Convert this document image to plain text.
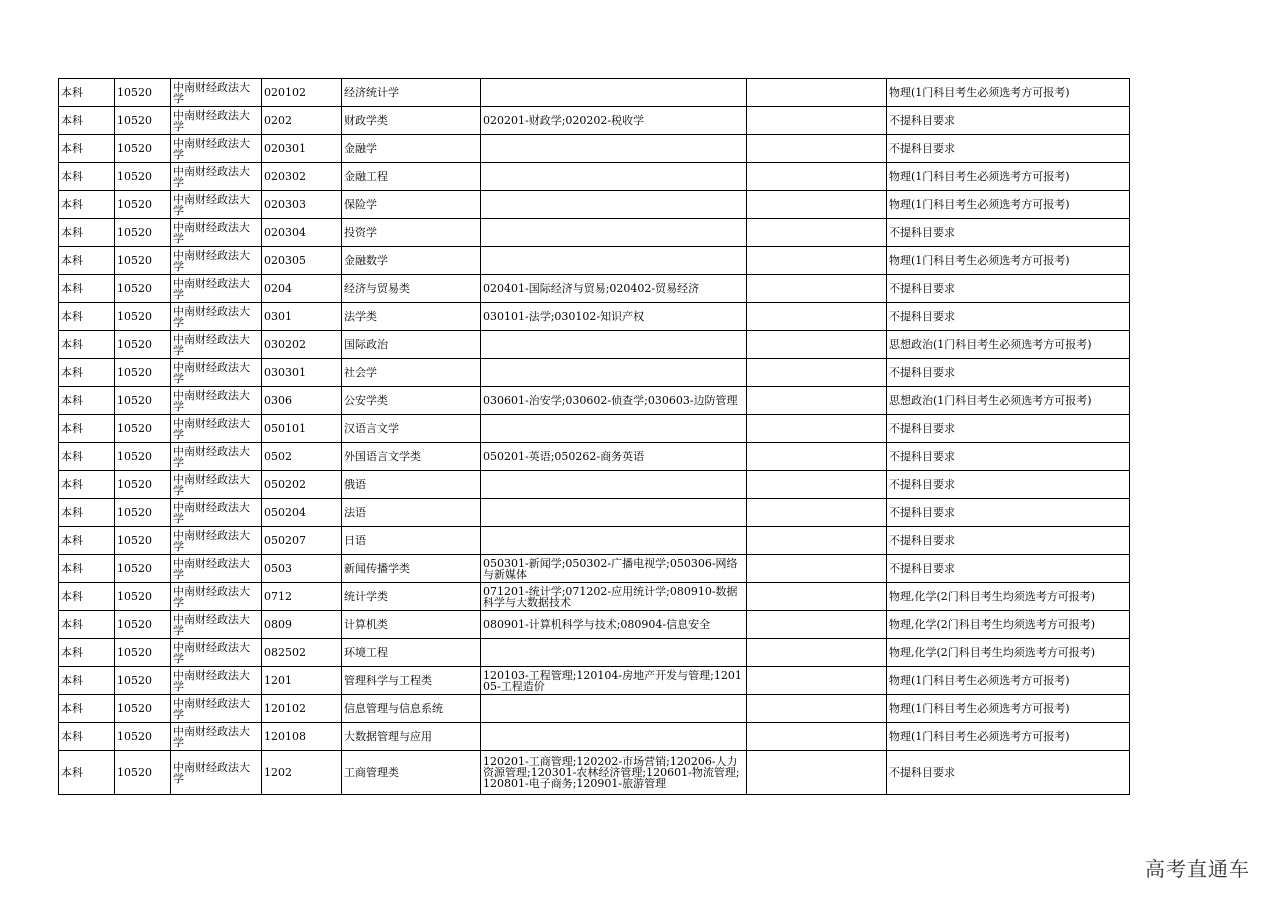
本科	10520	中南财经政法大学	020102	经济统计学			物理(1门科目考生必须选考方可报考)
本科	10520	中南财经政法大学	0202	财政学类	020201-财政学;020202-税收学		不提科目要求
本科	10520	中南财经政法大学	020301	金融学			不提科目要求
本科	10520	中南财经政法大学	020302	金融工程			物理(1门科目考生必须选考方可报考)
本科	10520	中南财经政法大学	020303	保险学			物理(1门科目考生必须选考方可报考)
本科	10520	中南财经政法大学	020304	投资学			不提科目要求
本科	10520	中南财经政法大学	020305	金融数学			物理(1门科目考生必须选考方可报考)
本科	10520	中南财经政法大学	0204	经济与贸易类	020401-国际经济与贸易;020402-贸易经济		不提科目要求
本科	10520	中南财经政法大学	0301	法学类	030101-法学;030102-知识产权		不提科目要求
本科	10520	中南财经政法大学	030202	国际政治			思想政治(1门科目考生必须选考方可报考)
本科	10520	中南财经政法大学	030301	社会学			不提科目要求
本科	10520	中南财经政法大学	0306	公安学类	030601-治安学;030602-侦查学;030603-边防管理		思想政治(1门科目考生必须选考方可报考)
本科	10520	中南财经政法大学	050101	汉语言文学			不提科目要求
本科	10520	中南财经政法大学	0502	外国语言文学类	050201-英语;050262-商务英语		不提科目要求
本科	10520	中南财经政法大学	050202	俄语			不提科目要求
本科	10520	中南财经政法大学	050204	法语			不提科目要求
本科	10520	中南财经政法大学	050207	日语			不提科目要求
本科	10520	中南财经政法大学	0503	新闻传播学类	050301-新闻学;050302-广播电视学;050306-网络与新媒体		不提科目要求
本科	10520	中南财经政法大学	0712	统计学类	071201-统计学;071202-应用统计学;080910-数据科学与大数据技术		物理,化学(2门科目考生均须选考方可报考)
本科	10520	中南财经政法大学	0809	计算机类	080901-计算机科学与技术;080904-信息安全		物理,化学(2门科目考生均须选考方可报考)
本科	10520	中南财经政法大学	082502	环境工程			物理,化学(2门科目考生均须选考方可报考)
本科	10520	中南财经政法大学	1201	管理科学与工程类	120103-工程管理;120104-房地产开发与管理;120105-工程造价		物理(1门科目考生必须选考方可报考)
本科	10520	中南财经政法大学	120102	信息管理与信息系统			物理(1门科目考生必须选考方可报考)
本科	10520	中南财经政法大学	120108	大数据管理与应用			物理(1门科目考生必须选考方可报考)
本科	10520	中南财经政法大学	1202	工商管理类	120201-工商管理;120202-市场营销;120206-人力资源管理;120301-农林经济管理;120601-物流管理;120801-电子商务;120901-旅游管理		不提科目要求
高考直通车
